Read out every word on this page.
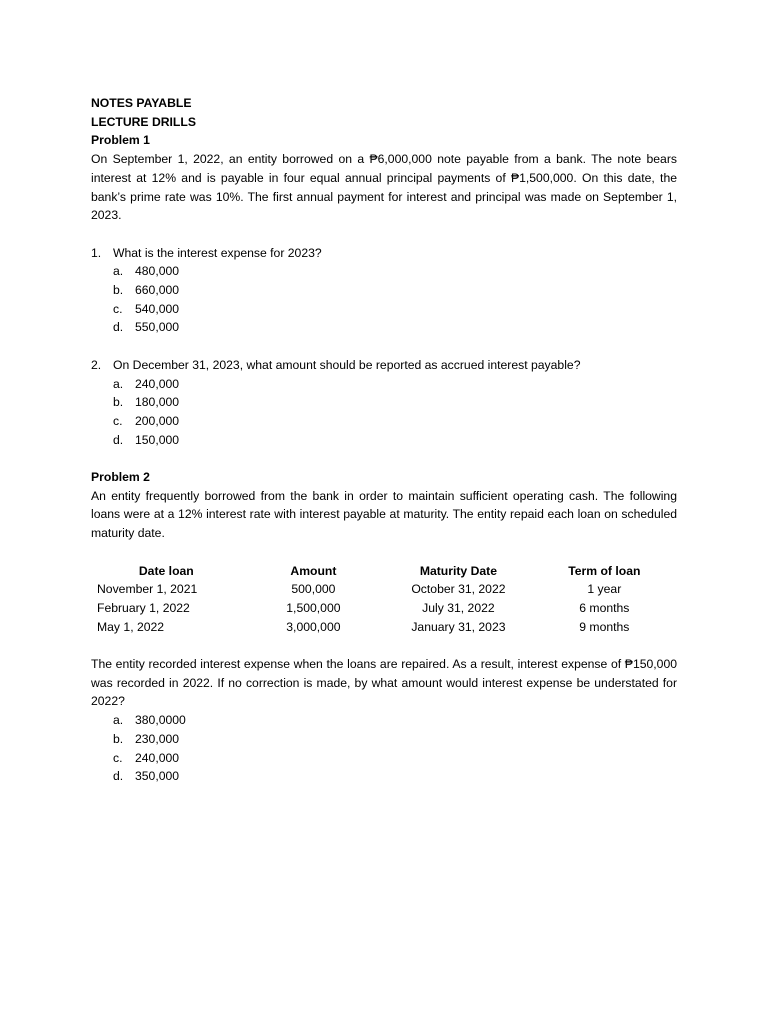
NOTES PAYABLE

LECTURE DRILLS

Problem 1

On September 1, 2022, an entity borrowed on a ₱6,000,000 note payable from a bank. The note bears interest at 12% and is payable in four equal annual principal payments of ₱1,500,000. On this date, the bank’s prime rate was 10%. The first annual payment for interest and principal was made on September 1, 2023.

1. What is the interest expense for 2023?
a. 480,000
b. 660,000
c.	540,000
d. 550,000
2. On December 31, 2023, what amount should be reported as accrued interest payable?
a. 240,000
b. 180,000
c.	200,000
d. 150,000

Problem 2

An entity frequently borrowed from the bank in order to maintain sufficient operating cash. The following loans were at a 12% interest rate with interest payable at maturity. The entity repaid each loan on scheduled maturity date.

Date loan	Amount	Maturity Date	Term of loan
November 1, 2021	500,000	October 31, 2022	1 year
February 1, 2022	1,500,000	July 31, 2022	6 months
May 1, 2022	3,000,000	January 31, 2023	9 months

The entity recorded interest expense when the loans are repaired. As a result, interest expense of ₱150,000 was recorded in 2022. If no correction is made, by what amount would interest expense be understated for 2022?

a. 380,0000
b. 230,000
c.	240,000
d. 350,000
